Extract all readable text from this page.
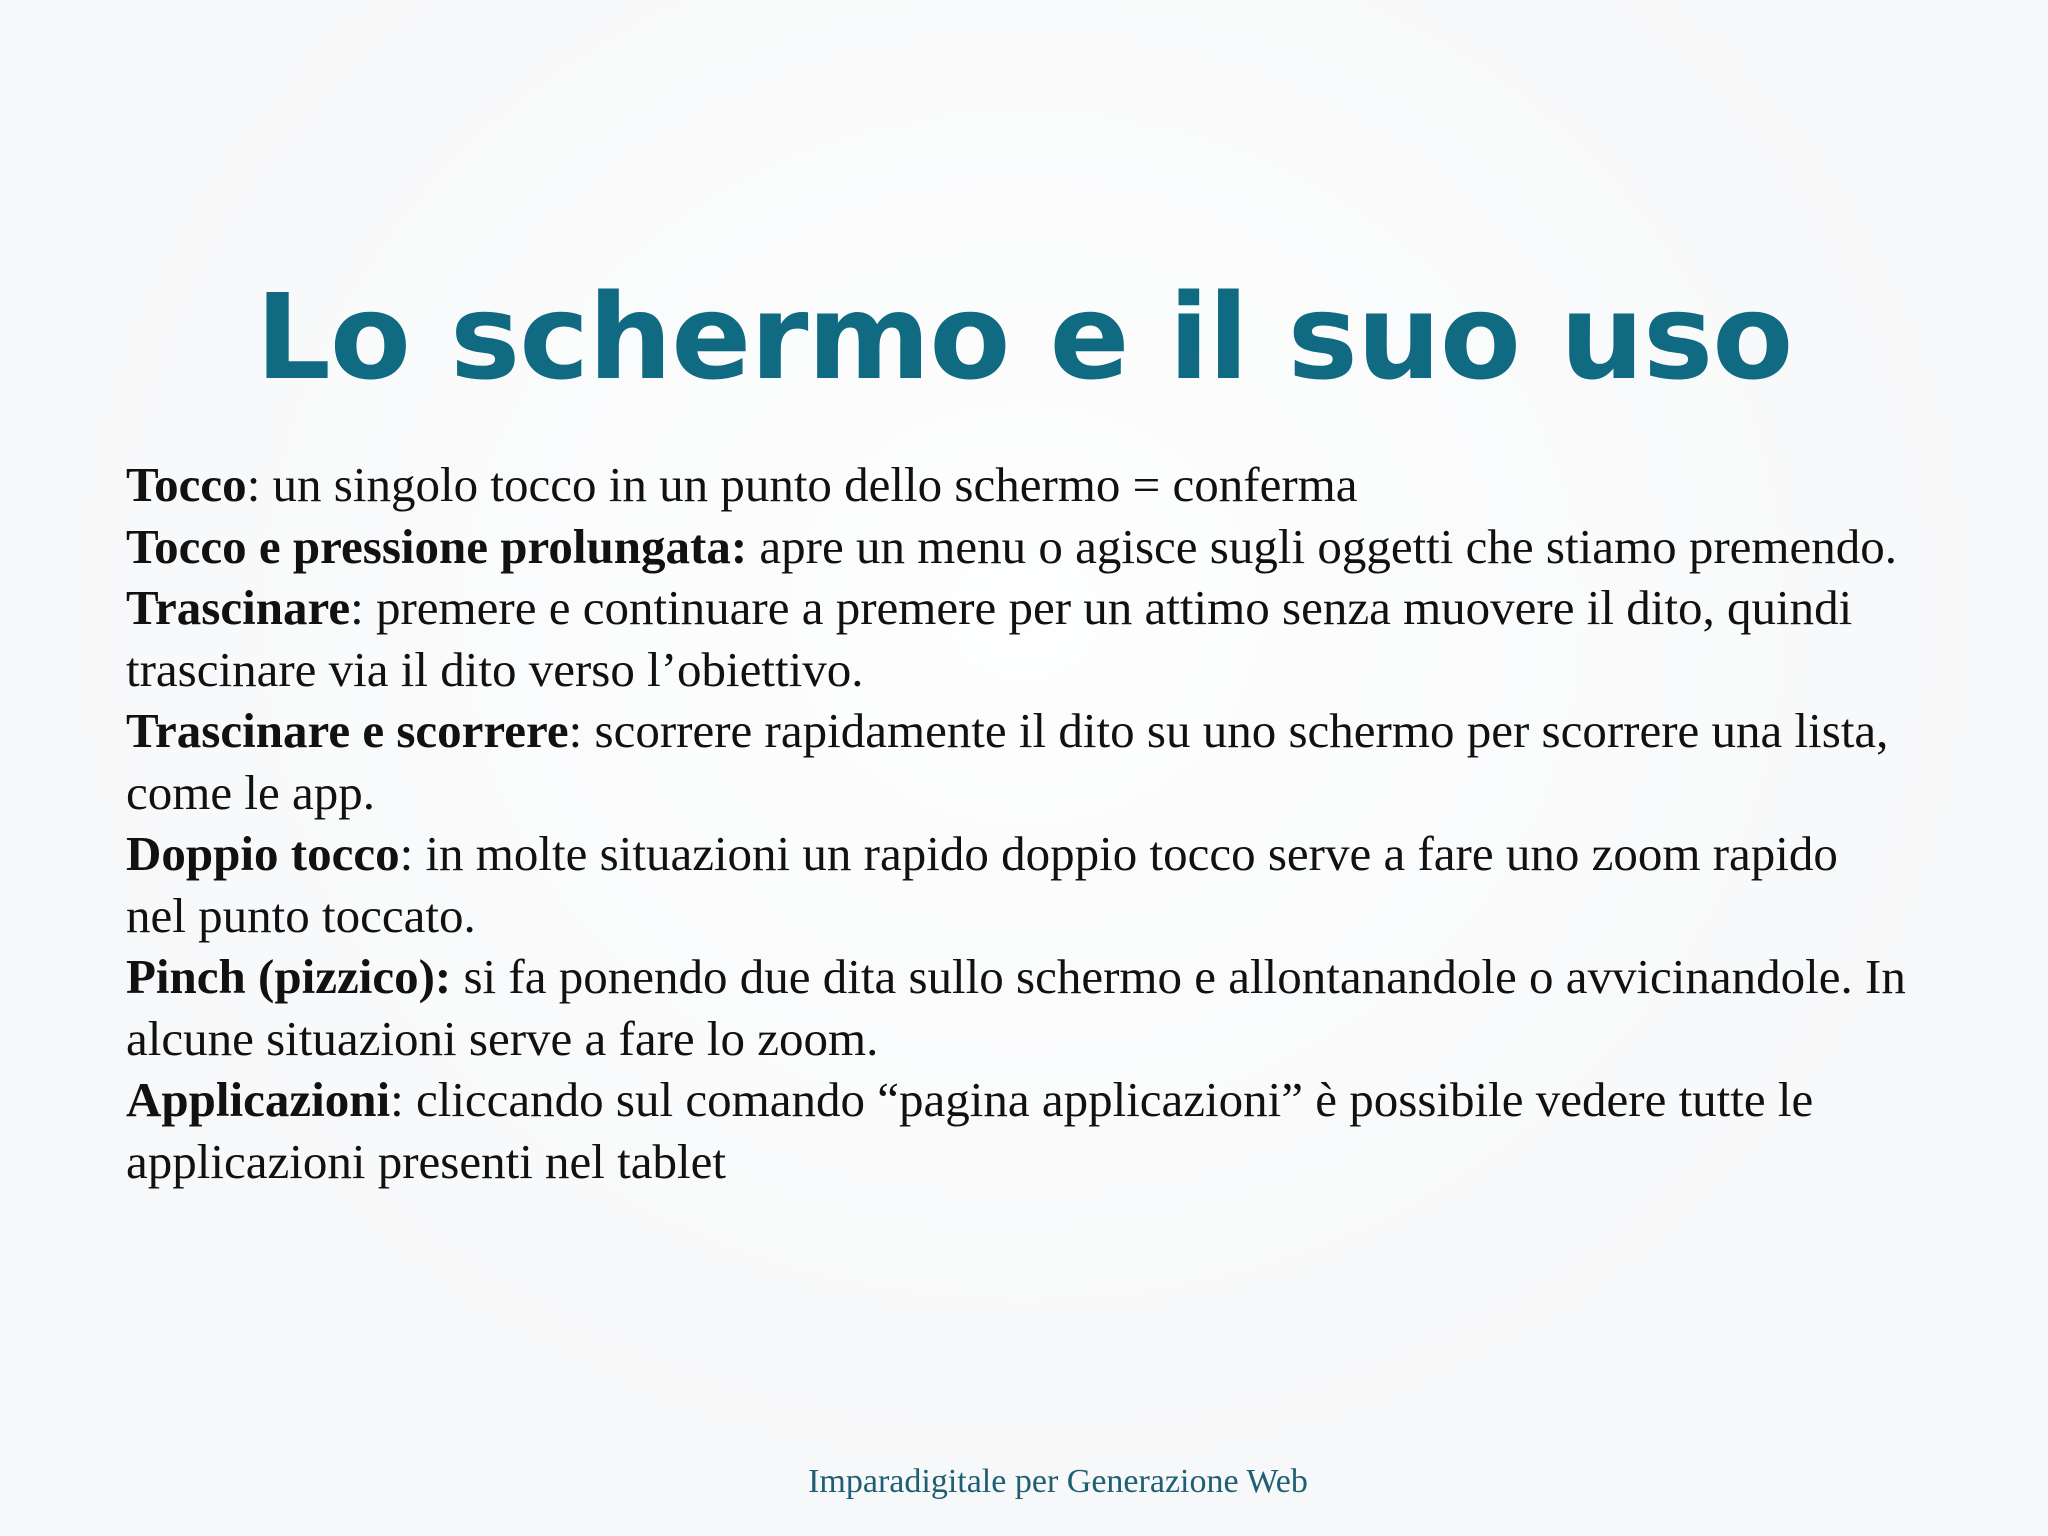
Lo schermo e il suo uso

Tocco: un singolo tocco in un punto dello schermo = conferma

Tocco e pressione prolungata: apre un menu o agisce sugli oggetti che stiamo premendo.

Trascinare: premere e continuare a premere per un attimo senza muovere il dito, quindi trascinare via il dito verso l’obiettivo.

Trascinare e scorrere: scorrere rapidamente il dito su uno schermo per scorrere una lista, come le app.

Doppio tocco: in molte situazioni un rapido doppio tocco serve a fare uno zoom rapido nel punto toccato.

Pinch (pizzico): si fa ponendo due dita sullo schermo e allontanandole o avvicinandole. In alcune situazioni serve a fare lo zoom.

Applicazioni: cliccando sul comando “pagina applicazioni” è possibile vedere tutte le applicazioni presenti nel tablet

Imparadigitale per Generazione Web
